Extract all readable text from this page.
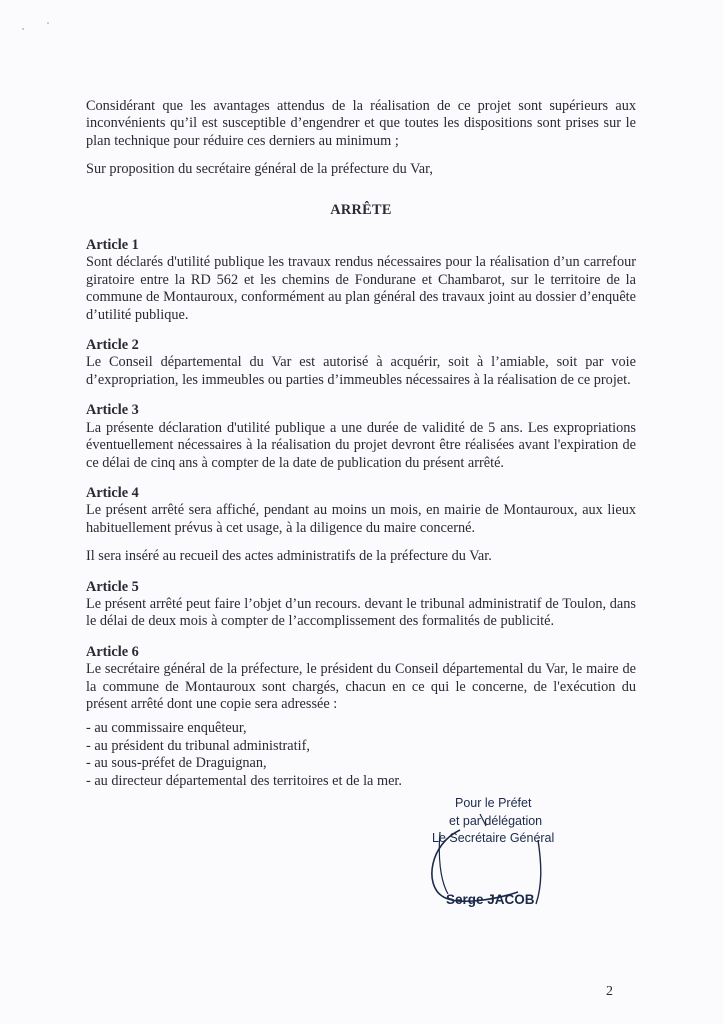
Considérant que les avantages attendus de la réalisation de ce projet sont supérieurs aux inconvénients qu’il est susceptible d’engendrer et que toutes les dispositions sont prises sur le plan technique pour réduire ces derniers au minimum ;

Sur proposition du secrétaire général de la préfecture du Var,

ARRÊTE

Article 1

Sont déclarés d'utilité publique les travaux rendus nécessaires pour la réalisation d’un carrefour giratoire entre la RD 562 et les chemins de Fondurane et Chambarot, sur le territoire de la commune de Montauroux, conformément au plan général des travaux joint au dossier d’enquête d’utilité publique.

Article 2

Le Conseil départemental du Var est autorisé à acquérir, soit à l’amiable, soit par voie d’expropriation, les immeubles ou parties d’immeubles nécessaires à la réalisation de ce projet.

Article 3

La présente déclaration d'utilité publique a une durée de validité de 5 ans. Les expropriations éventuellement nécessaires à la réalisation du projet devront être réalisées avant l'expiration de ce délai de cinq ans à compter de la date de publication du présent arrêté.

Article 4

Le présent arrêté sera affiché, pendant au moins un mois, en mairie de Montauroux, aux lieux habituellement prévus à cet usage, à la diligence du maire concerné.

Il sera inséré au recueil des actes administratifs de la préfecture du Var.

Article 5

Le présent arrêté peut faire l’objet d’un recours. devant le tribunal administratif de Toulon, dans le délai de deux mois à compter de l’accomplissement des formalités de publicité.

Article 6

Le secrétaire général de la préfecture, le président du Conseil départemental du Var, le maire de la commune de Montauroux sont chargés, chacun en ce qui le concerne, de l'exécution du présent arrêté dont une copie sera adressée :

- au commissaire enquêteur,
- au président du tribunal administratif,
- au sous-préfet de Draguignan,
- au directeur départemental des territoires et de la mer.
Pour le Préfet
et par délégation
Le Secrétaire Général
Serge JACOB
2
